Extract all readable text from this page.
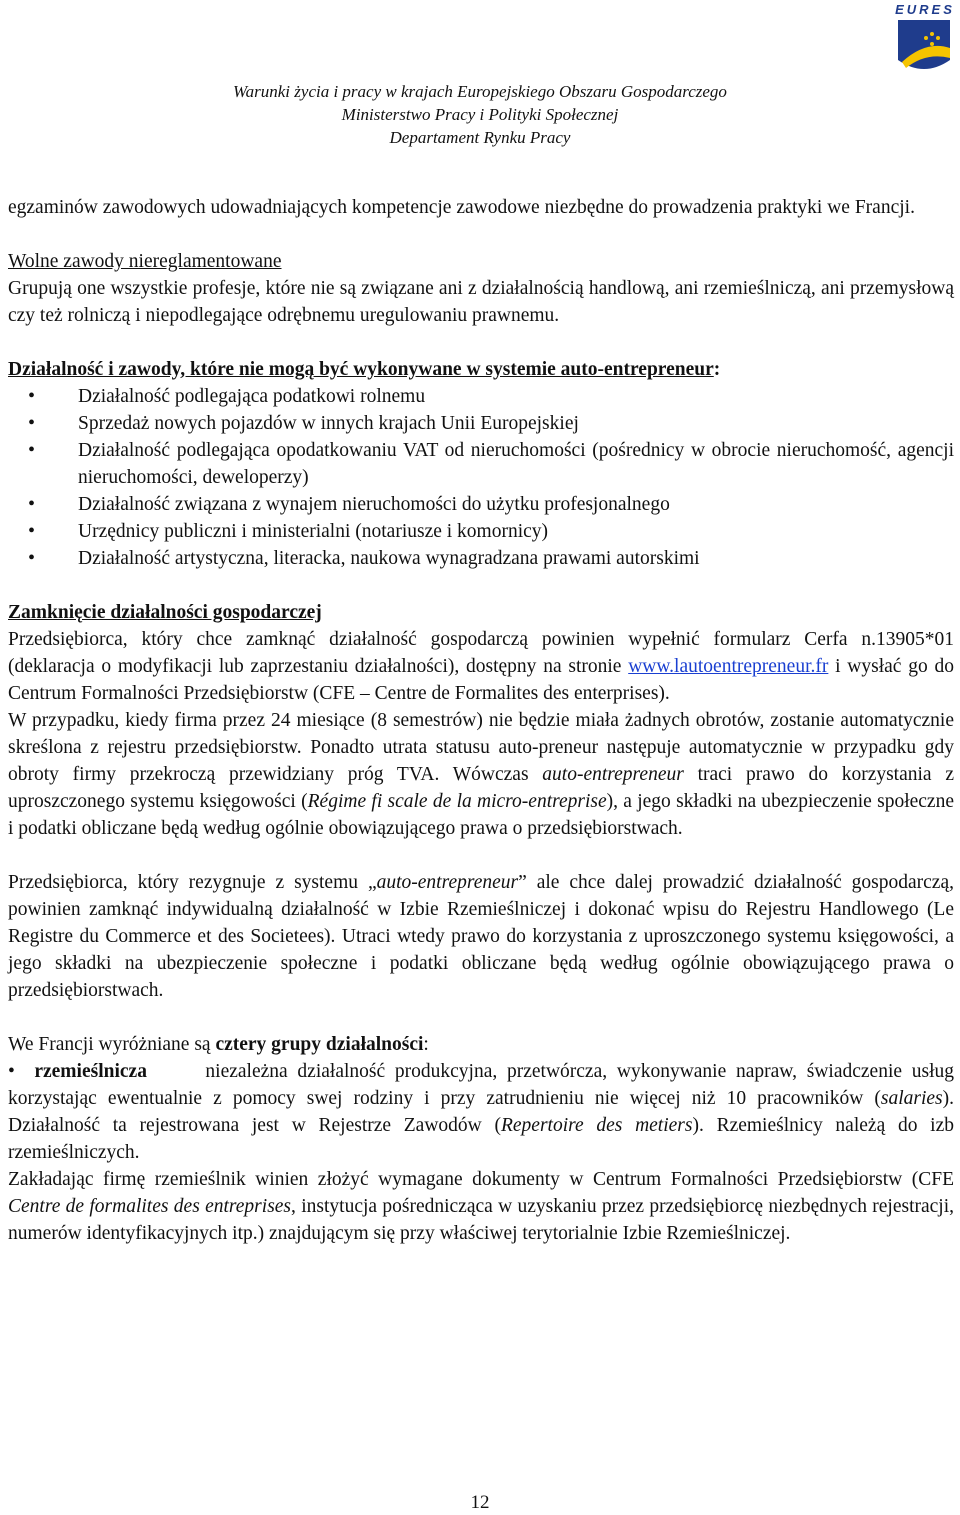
EURES
Warunki życia i pracy w krajach Europejskiego Obszaru Gospodarczego
Ministerstwo Pracy i Polityki Społecznej
Departament Rynku Pracy

egzaminów zawodowych udowadniających kompetencje zawodowe niezbędne do prowadzenia praktyki we Francji.

Wolne zawody niereglamentowane

Grupują one wszystkie profesje, które nie są związane ani z działalnością handlową, ani rzemieślniczą, ani przemysłową czy też rolniczą i niepodlegające odrębnemu uregulowaniu prawnemu.

Działalność i zawody, które nie mogą być wykonywane w systemie auto-entrepreneur:

• Działalność podlegająca podatkowi rolnemu
• Sprzedaż nowych pojazdów w innych krajach Unii Europejskiej
• Działalność podlegająca opodatkowaniu VAT od nieruchomości (pośrednicy w obrocie nieruchomość, agencji nieruchomości, deweloperzy)
• Działalność związana z wynajem nieruchomości do użytku profesjonalnego
• Urzędnicy publiczni i ministerialni (notariusze i komornicy)
• Działalność artystyczna, literacka, naukowa wynagradzana prawami autorskimi

Zamknięcie działalności gospodarczej

Przedsiębiorca, który chce zamknąć działalność gospodarczą powinien wypełnić formularz Cerfa n.13905*01 (deklaracja o modyfikacji lub zaprzestaniu działalności), dostępny na stronie www.lautoentrepreneur.fr i wysłać go do Centrum Formalności Przedsiębiorstw (CFE – Centre de Formalites des enterprises).

W przypadku, kiedy firma przez 24 miesiące (8 semestrów) nie będzie miała żadnych obrotów, zostanie automatycznie skreślona z rejestru przedsiębiorstw. Ponadto utrata statusu auto-preneur następuje automatycznie w przypadku gdy obroty firmy przekroczą przewidziany próg TVA. Wówczas auto-entrepreneur traci prawo do korzystania z uproszczonego systemu księgowości (Régime fi scale de la micro-entreprise), a jego składki na ubezpieczenie społeczne i podatki obliczane będą według ogólnie obowiązującego prawa o przedsiębiorstwach.

Przedsiębiorca, który rezygnuje z systemu „auto-entrepreneur” ale chce dalej prowadzić działalność gospodarczą, powinien zamknąć indywidualną działalność w Izbie Rzemieślniczej i dokonać wpisu do Rejestru Handlowego (Le Registre du Commerce et des Societees). Utraci wtedy prawo do korzystania z uproszczonego systemu księgowości, a jego składki na ubezpieczenie społeczne i podatki obliczane będą według ogólnie obowiązującego prawa o przedsiębiorstwach.

We Francji wyróżniane są cztery grupy działalności:

• rzemieślnicza	niezależna działalność produkcyjna, przetwórcza, wykonywanie napraw, świadczenie usług korzystając ewentualnie z pomocy swej rodziny i przy zatrudnieniu nie więcej niż 10 pracowników (salaries). Działalność ta rejestrowana jest w Rejestrze Zawodów (Repertoire des metiers). Rzemieślnicy należą do izb rzemieślniczych.

Zakładając firmę rzemieślnik winien złożyć wymagane dokumenty w Centrum Formalności Przedsiębiorstw (CFE Centre de formalites des entreprises, instytucja pośrednicząca w uzyskaniu przez przedsiębiorcę niezbędnych rejestracji, numerów identyfikacyjnych itp.) znajdującym się przy właściwej terytorialnie Izbie Rzemieślniczej.

12
